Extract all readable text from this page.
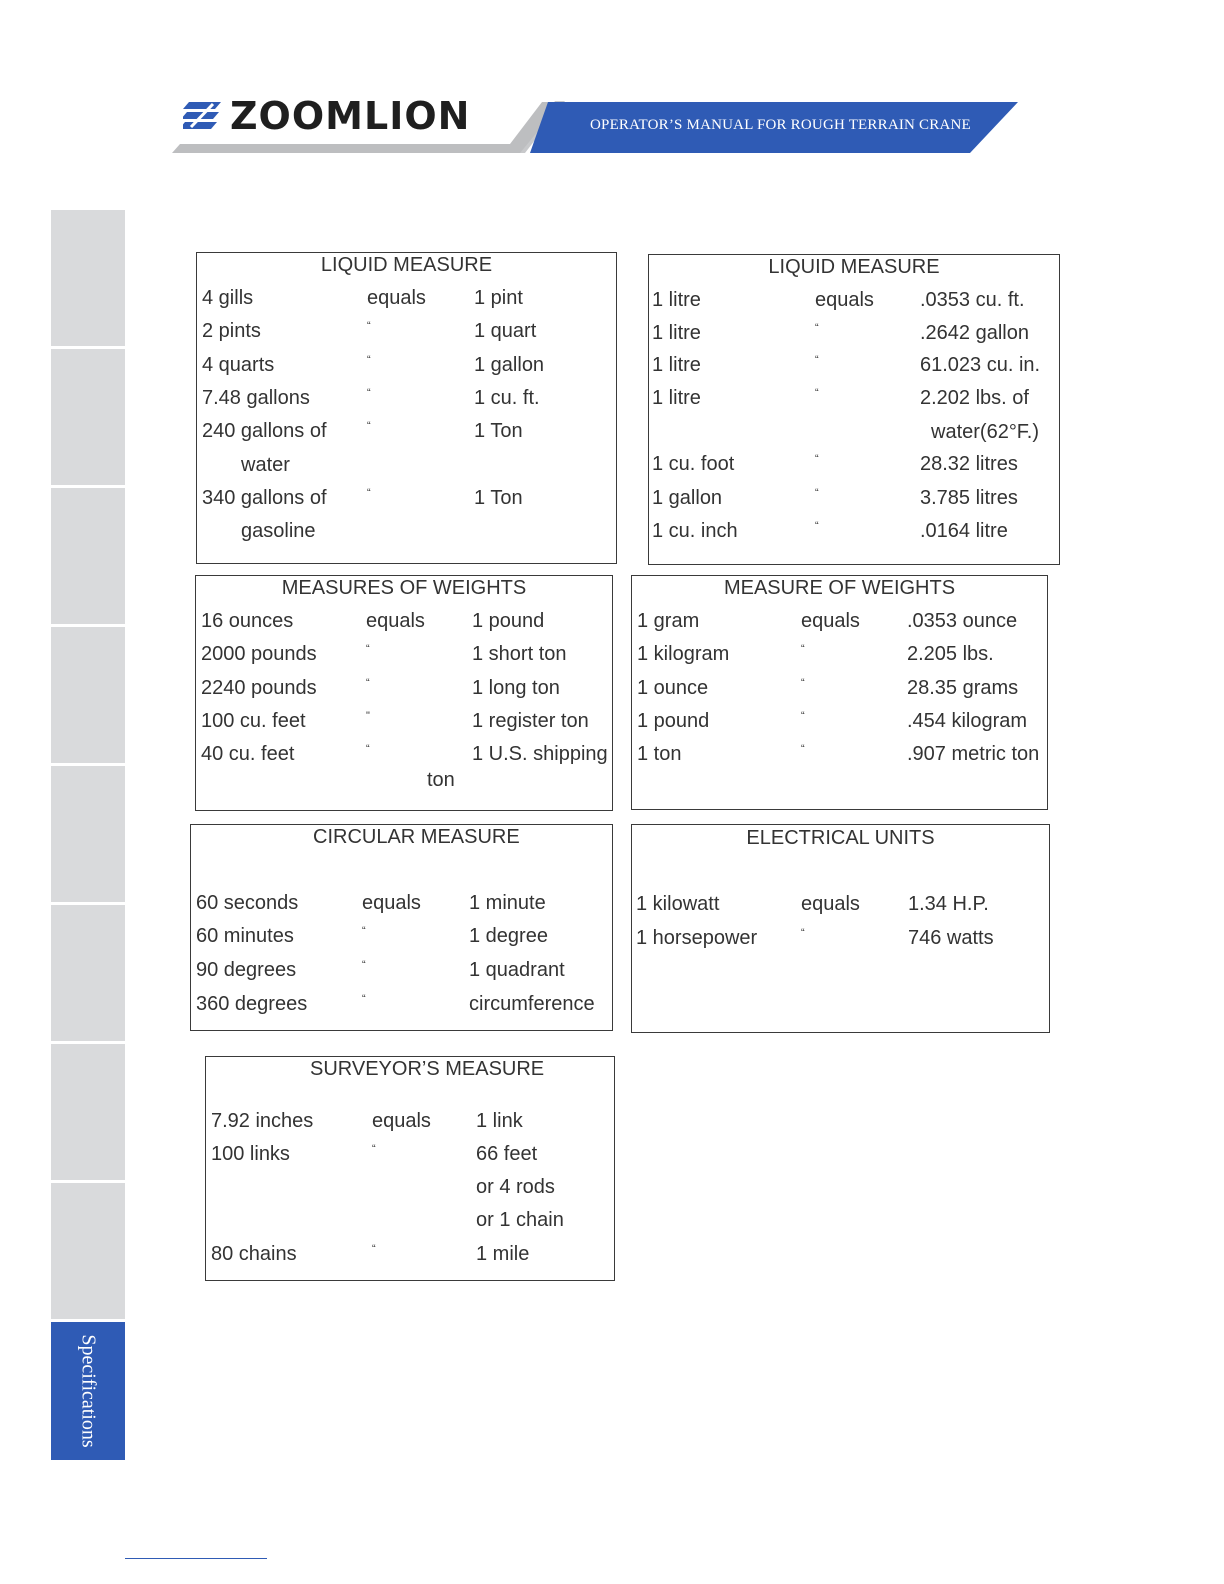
ZOOMLION	OPERATOR’S MANUAL FOR ROUGH TERRAIN CRANE
Specifications
LIQUID MEASURE
4 gills	equals 1 pint
2 pints	“	1 quart
4 quarts	“	1 gallon
7.48 gallons	“	1 cu. ft.
240 gallons of	“	1 Ton
water
340 gallons of	“	1 Ton
gasoline
LIQUID MEASURE
1 litre	equals .0353 cu. ft.
1 litre	“	.2642 gallon
1 litre	“	61.023 cu. in.
1 litre	“	2.202 lbs. of
water(62°F.)
1 cu. foot	“	28.32 litres
1 gallon	“	3.785 litres
1 cu. inch	“	.0164 litre
MEASURES OF WEIGHTS
16 ounces	equals 1 pound
2000 pounds	“	1 short ton
2240 pounds	“	1 long ton
100 cu. feet	"	1 register ton
40 cu. feet	“	1 U.S. shipping
ton
MEASURE OF WEIGHTS
1 gram	equals .0353 ounce
1 kilogram	“	2.205 lbs.
1 ounce	“	28.35 grams
1 pound	“	.454 kilogram
1 ton	“	.907 metric ton
CIRCULAR MEASURE
60 seconds	equals 1 minute
60 minutes	“	1 degree
90 degrees	“	1 quadrant
360 degrees	“	circumference
ELECTRICAL UNITS
1 kilowatt	equals 1.34 H.P.
1 horsepower	“	746 watts
SURVEYOR’S MEASURE
7.92 inches	equals 1 link
100 links	“	66 feet
or 4 rods
or 1 chain
80 chains	“	1 mile
